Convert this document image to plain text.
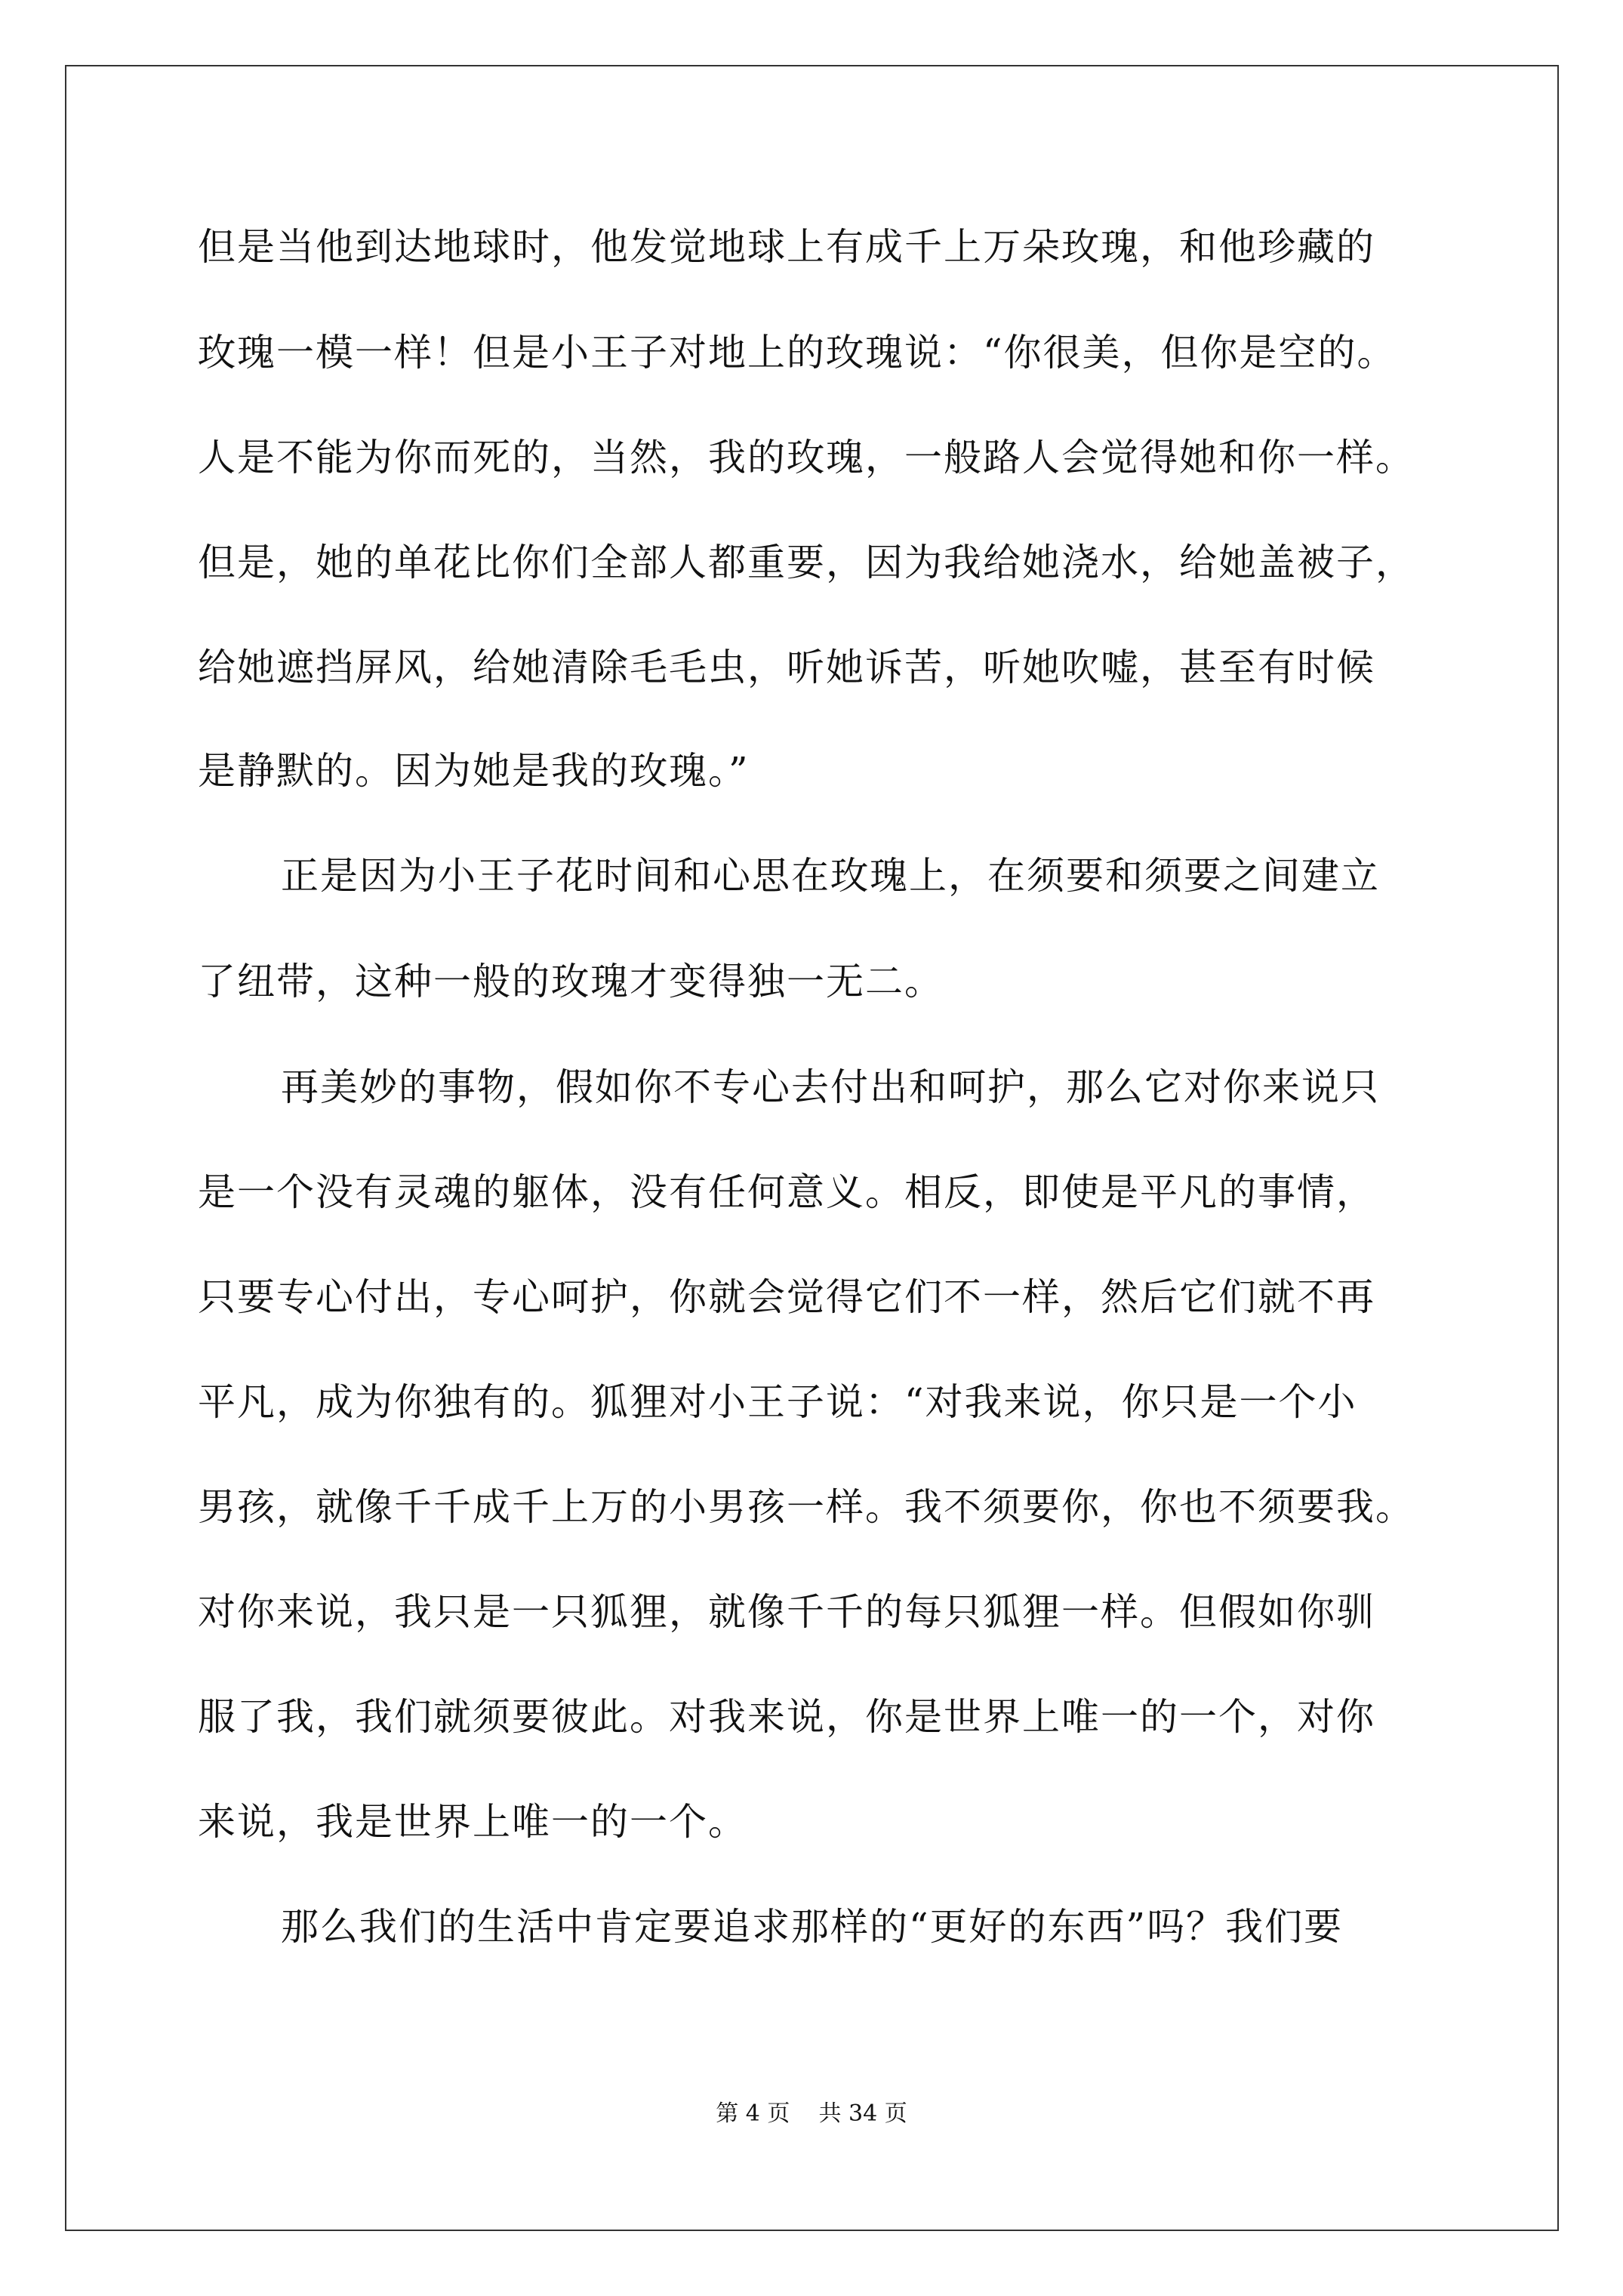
但是当他到达地球时，他发觉地球上有成千上万朵玫瑰，和他珍藏的
玫瑰一模一样！但是小王子对地上的玫瑰说：“你很美，但你是空的。
人是不能为你而死的，当然，我的玫瑰，一般路人会觉得她和你一样。
但是，她的单花比你们全部人都重要，因为我给她浇水，给她盖被子，
给她遮挡屏风，给她清除毛毛虫，听她诉苦，听她吹嘘，甚至有时候
是静默的。因为她是我的玫瑰。”
正是因为小王子花时间和心思在玫瑰上，在须要和须要之间建立
了纽带，这种一般的玫瑰才变得独一无二。
再美妙的事物，假如你不专心去付出和呵护，那么它对你来说只
是一个没有灵魂的躯体，没有任何意义。相反，即使是平凡的事情，
只要专心付出，专心呵护，你就会觉得它们不一样，然后它们就不再
平凡，成为你独有的。狐狸对小王子说：“对我来说，你只是一个小
男孩，就像千千成千上万的小男孩一样。我不须要你，你也不须要我。
对你来说，我只是一只狐狸，就像千千的每只狐狸一样。但假如你驯
服了我，我们就须要彼此。对我来说，你是世界上唯一的一个，对你
来说，我是世界上唯一的一个。
那么我们的生活中肯定要追求那样的“更好的东西”吗？我们要
第 4 页    共 34 页
